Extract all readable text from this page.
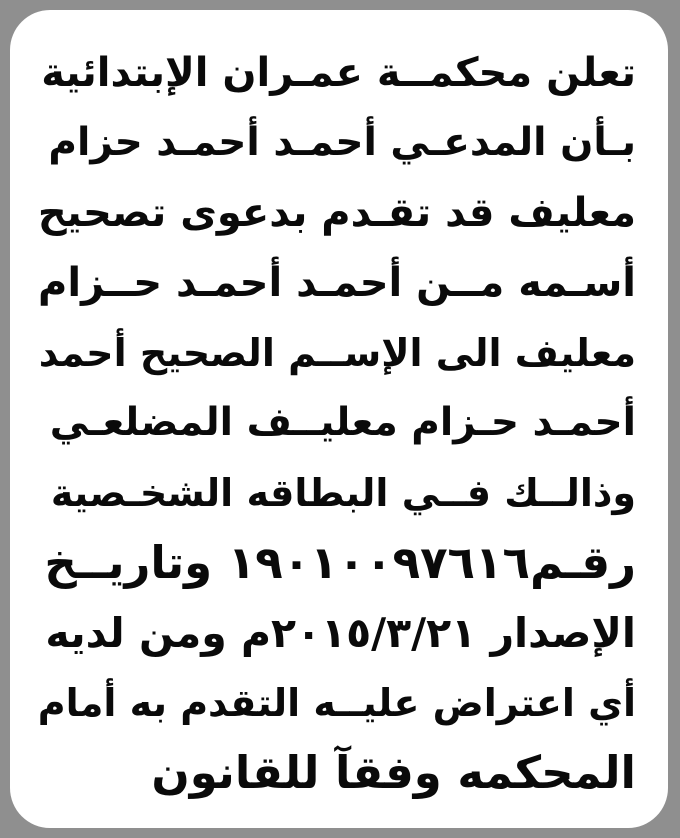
تعلن محكمــة عمـران الإبتدائية
بـأن المدعـي أحمـد أحمـد حزام
معليف قد تقـدم بدعوى تصحيح
أسـمه مــن أحمـد أحمـد حــزام
معليف الى الإســم الصحيح أحمد
أحمـد حـزام معليــف المضلعـي
وذالــك فــي البطاقه الشخـصية
رقـم١٩٠١٠٠٩٧٦١٦ وتاريــخ
الإصدار ٢٠١٥/٣/٢١م ومن لديه
أي اعتراض عليــه التقدم به أمام
المحكمه وفقآ للقانون
